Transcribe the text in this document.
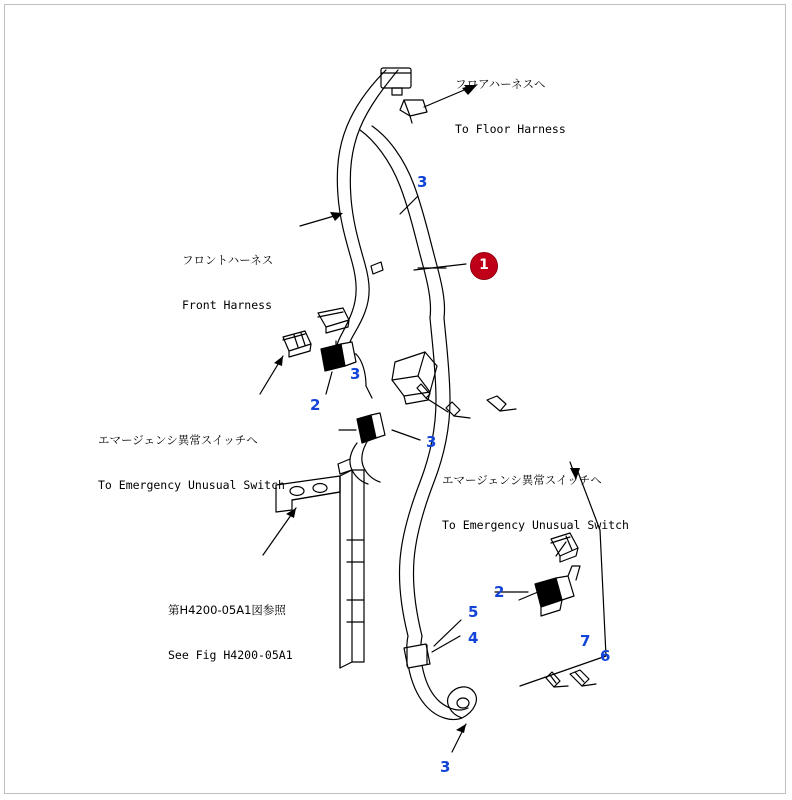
フロアハーネスへ

To Floor Harness

フロントハーネス

Front Harness

エマージェンシ異常スイッチへ

To Emergency Unusual Switch

	エマージェンシ異常スイッチへ

To Emergency Unusual Switch

第H4200-05A1図参照

See Fig H4200-05A1

1
3
3
2
3
2
5
4	7
6
3
